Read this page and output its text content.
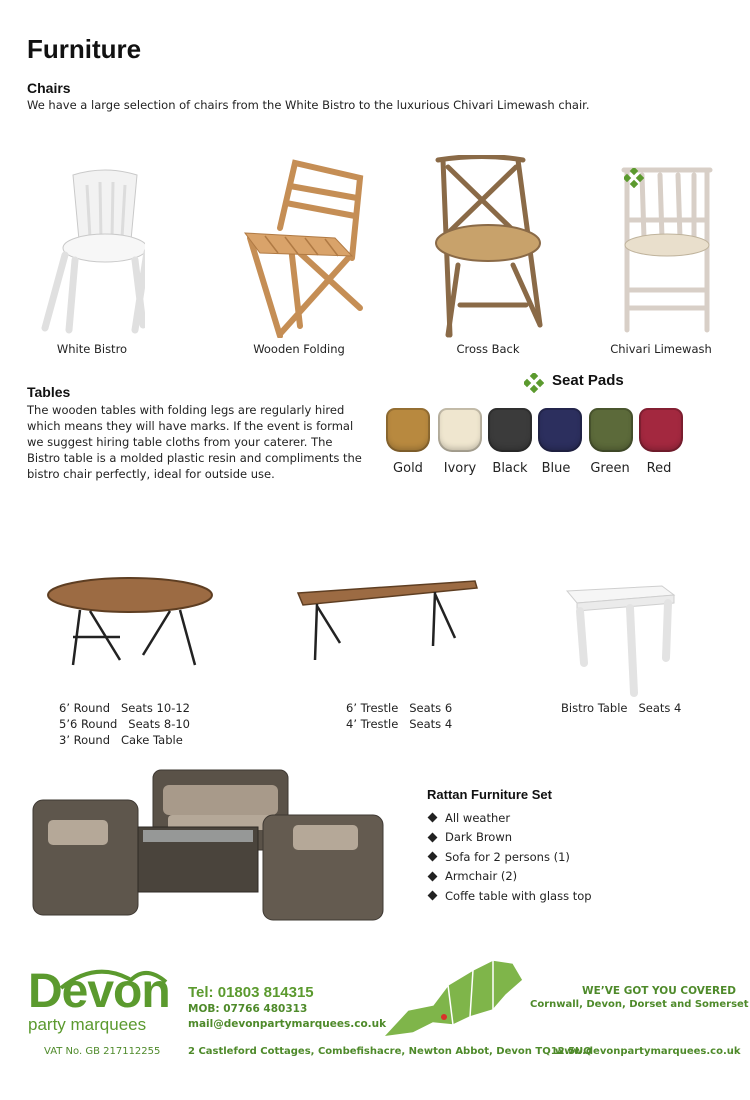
Furniture
Chairs
We have a large selection of chairs from the White Bistro to the luxurious Chivari Limewash chair.
White Bistro	Wooden Folding	Cross Back	Chivari Limewash
Tables
The wooden tables with folding legs are regularly hired
which means they will have marks. If the event is formal
we suggest hiring table cloths from your caterer. The
Bistro table is a molded plastic resin and compliments the
bistro chair perfectly, ideal for outside use.
Seat Pads
Gold	Ivory	Black	Blue	Green	Red
6’ Round   Seats 10-12
5’6 Round   Seats 8-10
3’ Round   Cake Table
6’ Trestle   Seats 6
4’ Trestle   Seats 4
Bistro Table   Seats 4
Rattan Furniture Set
All weather
Dark Brown
Sofa for 2 persons (1)
Armchair (2)
Coffe table with glass top
Devon
party marquees
VAT No. GB 217112255
Tel: 01803 814315
MOB: 07766 480313
mail@devonpartymarquees.co.uk
2 Castleford Cottages, Combefishacre, Newton Abbot, Devon TQ12 5UQ
WE’VE GOT YOU COVERED
Cornwall, Devon, Dorset and Somerset
www.devonpartymarquees.co.uk
